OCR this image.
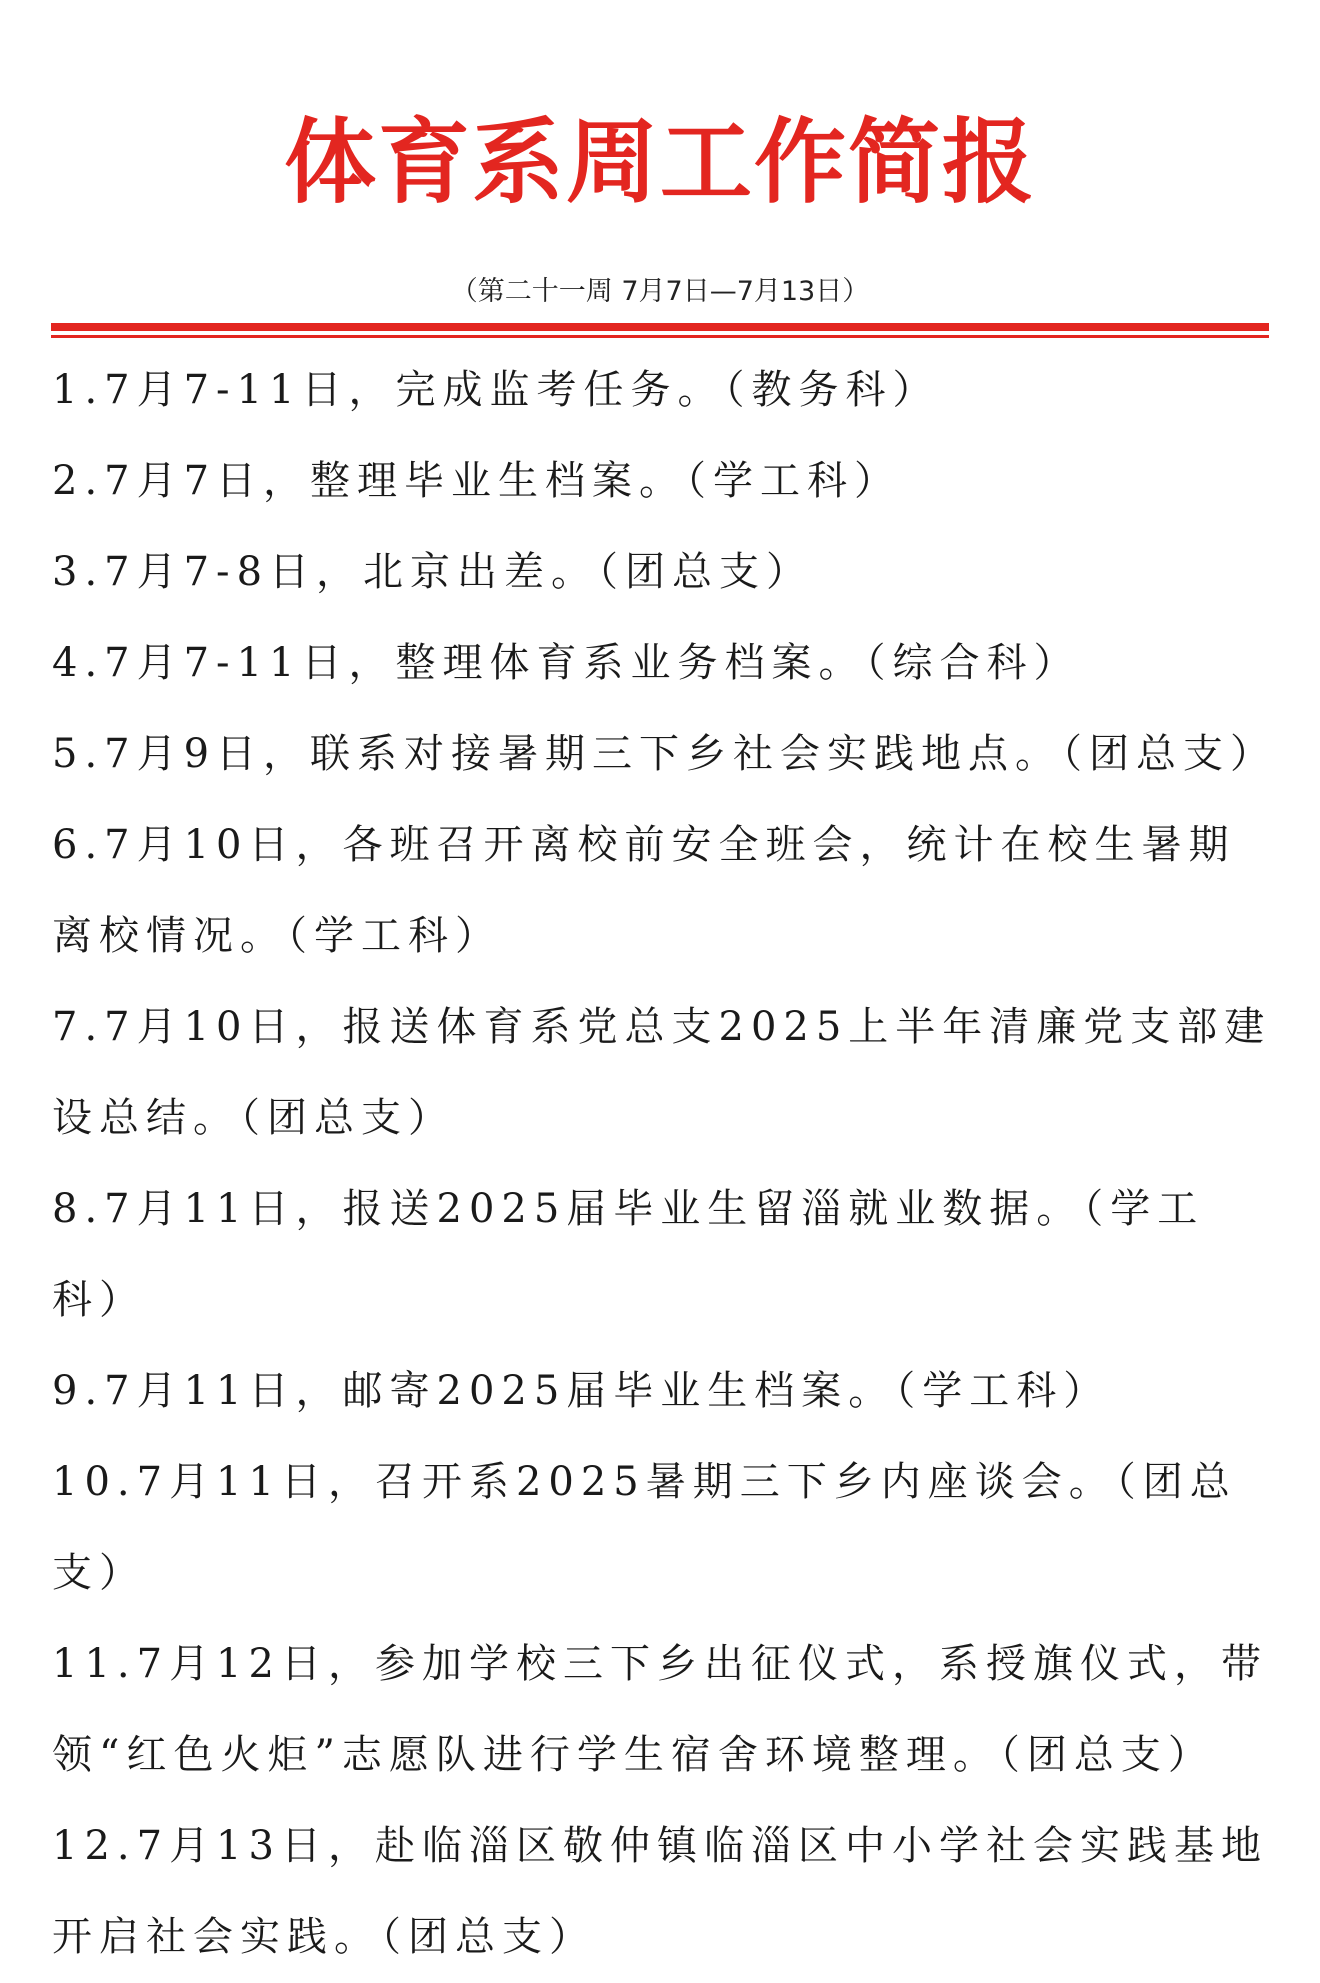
体育系周工作简报
（第二十一周 7月7日—7月13日）
1.7月7-11日，完成监考任务。（教务科）
2.7月7日，整理毕业生档案。（学工科）
3.7月7-8日，北京出差。（团总支）
4.7月7-11日，整理体育系业务档案。（综合科）
5.7月9日，联系对接暑期三下乡社会实践地点。（团总支）
6.7月10日，各班召开离校前安全班会，统计在校生暑期离校情况。（学工科）
7.7月10日，报送体育系党总支2025上半年清廉党支部建设总结。（团总支）
8.7月11日，报送2025届毕业生留淄就业数据。（学工科）
9.7月11日，邮寄2025届毕业生档案。（学工科）
10.7月11日，召开系2025暑期三下乡内座谈会。（团总支）
11.7月12日，参加学校三下乡出征仪式，系授旗仪式，带领“红色火炬”志愿队进行学生宿舍环境整理。（团总支）
12.7月13日，赴临淄区敬仲镇临淄区中小学社会实践基地开启社会实践。（团总支）
